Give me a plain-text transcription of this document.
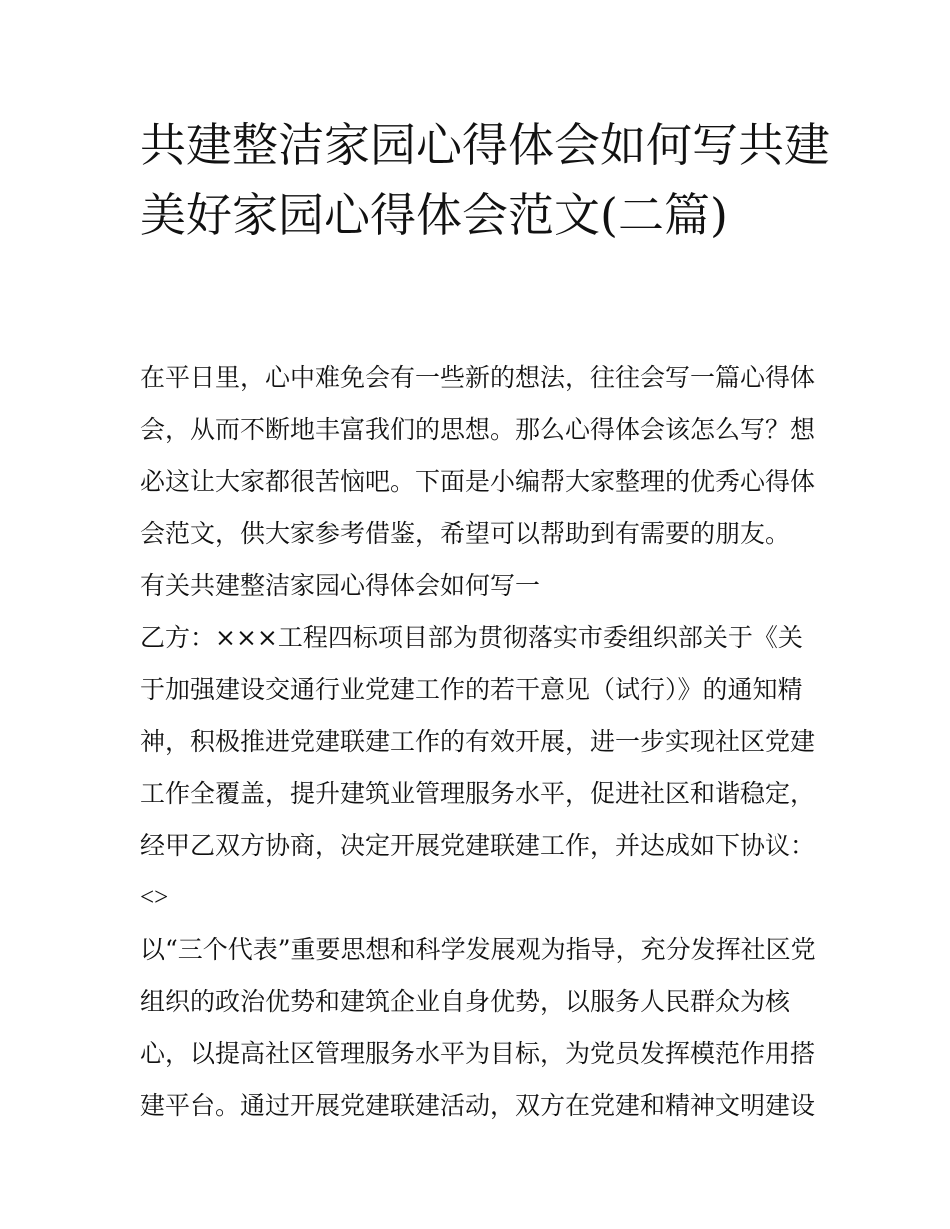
共建整洁家园心得体会如何写共建美好家园心得体会范文(二篇)

在平日里，心中难免会有一些新的想法，往往会写一篇心得体会，从而不断地丰富我们的思想。那么心得体会该怎么写？想必这让大家都很苦恼吧。下面是小编帮大家整理的优秀心得体会范文，供大家参考借鉴，希望可以帮助到有需要的朋友。

有关共建整洁家园心得体会如何写一

乙方：×××工程四标项目部为贯彻落实市委组织部关于《关于加强建设交通行业党建工作的若干意见（试行）》的通知精神，积极推进党建联建工作的有效开展，进一步实现社区党建工作全覆盖，提升建筑业管理服务水平，促进社区和谐稳定，经甲乙双方协商，决定开展党建联建工作，并达成如下协议：

<>

以“三个代表”重要思想和科学发展观为指导，充分发挥社区党组织的政治优势和建筑企业自身优势，以服务人民群众为核心，以提高社区管理服务水平为目标，为党员发挥模范作用搭建平台。通过开展党建联建活动，双方在党建和精神文明建设
